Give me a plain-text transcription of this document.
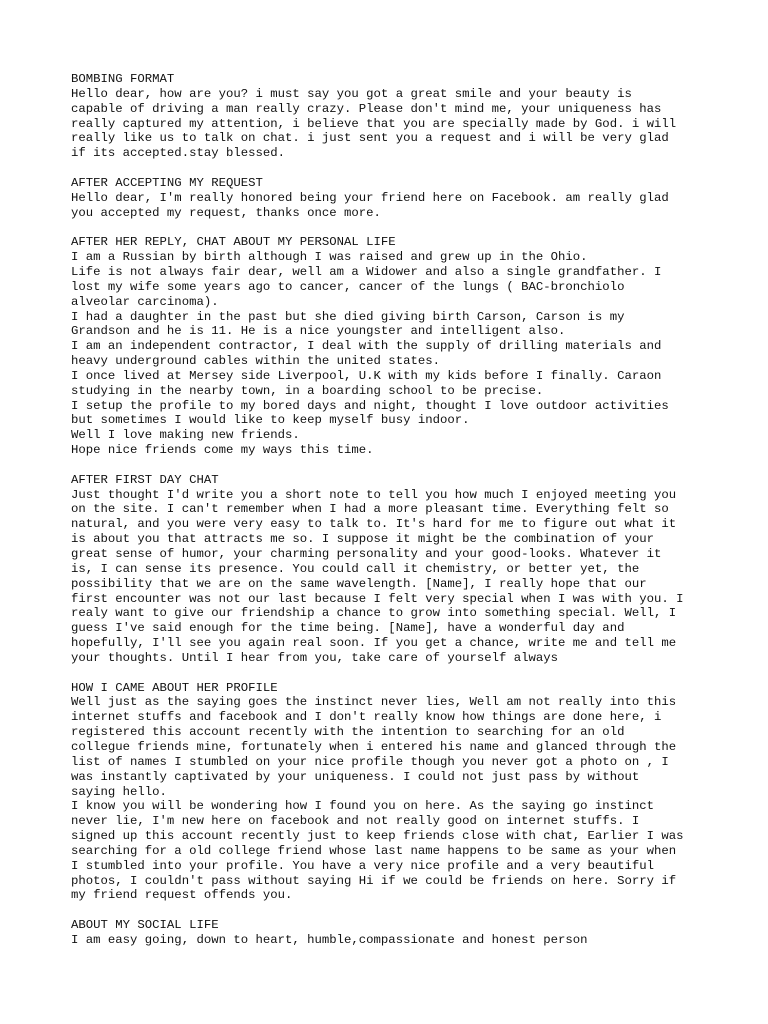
BOMBING FORMAT
Hello dear, how are you? i must say you got a great smile and your beauty is
capable of driving a man really crazy. Please don't mind me, your uniqueness has
really captured my attention, i believe that you are specially made by God. i will
really like us to talk on chat. i just sent you a request and i will be very glad
if its accepted.stay blessed.
AFTER ACCEPTING MY REQUEST
Hello dear, I'm really honored being your friend here on Facebook. am really glad
you accepted my request, thanks once more.
AFTER HER REPLY, CHAT ABOUT MY PERSONAL LIFE
I am a Russian by birth although I was raised and grew up in the Ohio.
Life is not always fair dear, well am a Widower and also a single grandfather. I
lost my wife some years ago to cancer, cancer of the lungs ( BAC-bronchiolo
alveolar carcinoma).
I had a daughter in the past but she died giving birth Carson, Carson is my
Grandson and he is 11. He is a nice youngster and intelligent also.
I am an independent contractor, I deal with the supply of drilling materials and
heavy underground cables within the united states.
I once lived at Mersey side Liverpool, U.K with my kids before I finally. Caraon
studying in the nearby town, in a boarding school to be precise.
I setup the profile to my bored days and night, thought I love outdoor activities
but sometimes I would like to keep myself busy indoor.
Well I love making new friends.
Hope nice friends come my ways this time.
AFTER FIRST DAY CHAT
Just thought I'd write you a short note to tell you how much I enjoyed meeting you
on the site. I can't remember when I had a more pleasant time. Everything felt so
natural, and you were very easy to talk to. It's hard for me to figure out what it
is about you that attracts me so. I suppose it might be the combination of your
great sense of humor, your charming personality and your good-looks. Whatever it
is, I can sense its presence. You could call it chemistry, or better yet, the
possibility that we are on the same wavelength. [Name], I really hope that our
first encounter was not our last because I felt very special when I was with you. I
realy want to give our friendship a chance to grow into something special. Well, I
guess I've said enough for the time being. [Name], have a wonderful day and
hopefully, I'll see you again real soon. If you get a chance, write me and tell me
your thoughts. Until I hear from you, take care of yourself always
HOW I CAME ABOUT HER PROFILE
Well just as the saying goes the instinct never lies, Well am not really into this
internet stuffs and facebook and I don't really know how things are done here, i
registered this account recently with the intention to searching for an old
collegue friends mine, fortunately when i entered his name and glanced through the
list of names I stumbled on your nice profile though you never got a photo on , I
was instantly captivated by your uniqueness. I could not just pass by without
saying hello.
I know you will be wondering how I found you on here. As the saying go instinct
never lie, I'm new here on facebook and not really good on internet stuffs. I
signed up this account recently just to keep friends close with chat, Earlier I was
searching for a old college friend whose last name happens to be same as your when
I stumbled into your profile. You have a very nice profile and a very beautiful
photos, I couldn't pass without saying Hi if we could be friends on here. Sorry if
my friend request offends you.
ABOUT MY SOCIAL LIFE
I am easy going, down to heart, humble,compassionate and honest person
